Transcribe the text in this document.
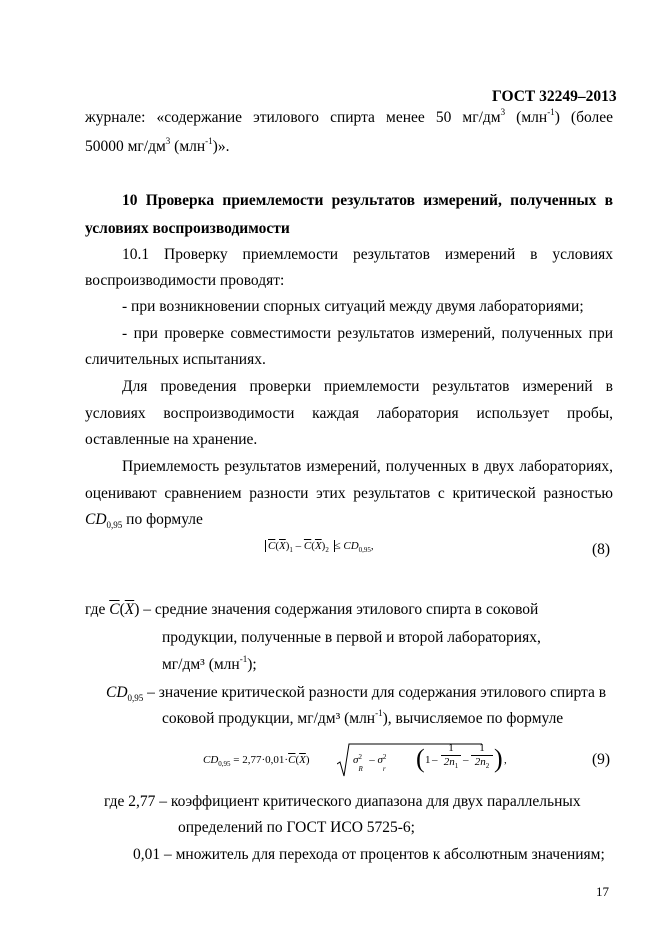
ГОСТ 32249–2013
журнале: «содержание этилового спирта менее 50 $мг/дм^3$ (млн$^{-1}$) (более
50000 $мг/дм^3$ (млн$^{-1}$)».
10 Проверка приемлемости результатов измерений, полученных в
условиях воспроизводимости
10.1 Проверку приемлемости результатов измерений в условиях
воспроизводимости проводят:
- при возникновении спорных ситуаций между двумя лабораториями;
- при проверке совместимости результатов измерений, полученных при
сличительных испытаниях.
Для проведения проверки приемлемости результатов измерений в
условиях воспроизводимости каждая лаборатория использует пробы,
оставленные на хранение.
Приемлемость результатов измерений, полученных в двух лабораториях,
оценивают сравнением разности этих результатов с критической разностью
$CD_{0,95}$ по формуле
$\overline{C}(\overline{X})_1 - \overline{C}(\overline{X})_2 \le CD_{0,95}$,	(8)
где $\overline{C}(\overline{X})$ – средние значения содержания этилового спирта в соковой
продукции, полученные в первой и второй лабораториях,
мг/дм³ (млн$^{-1}$);
$CD_{0,95}$ – значение критической разности для содержания этилового спирта в
соковой продукции, мг/дм³ (млн$^{-1}$), вычисляемое по формуле
$CD_{0,95} = 2,77\cdot 0,01\cdot\overline{C}(\overline{X})$	σ 2
R
– σ 2
r ( 1 –
1
$2n_1$
–
1
$2n_2$ ) ,	(9)
где 2,77 – коэффициент критического диапазона для двух параллельных
определений по ГОСТ ИСО 5725-6;
0,01 – множитель для перехода от процентов к абсолютным значениям;
17
